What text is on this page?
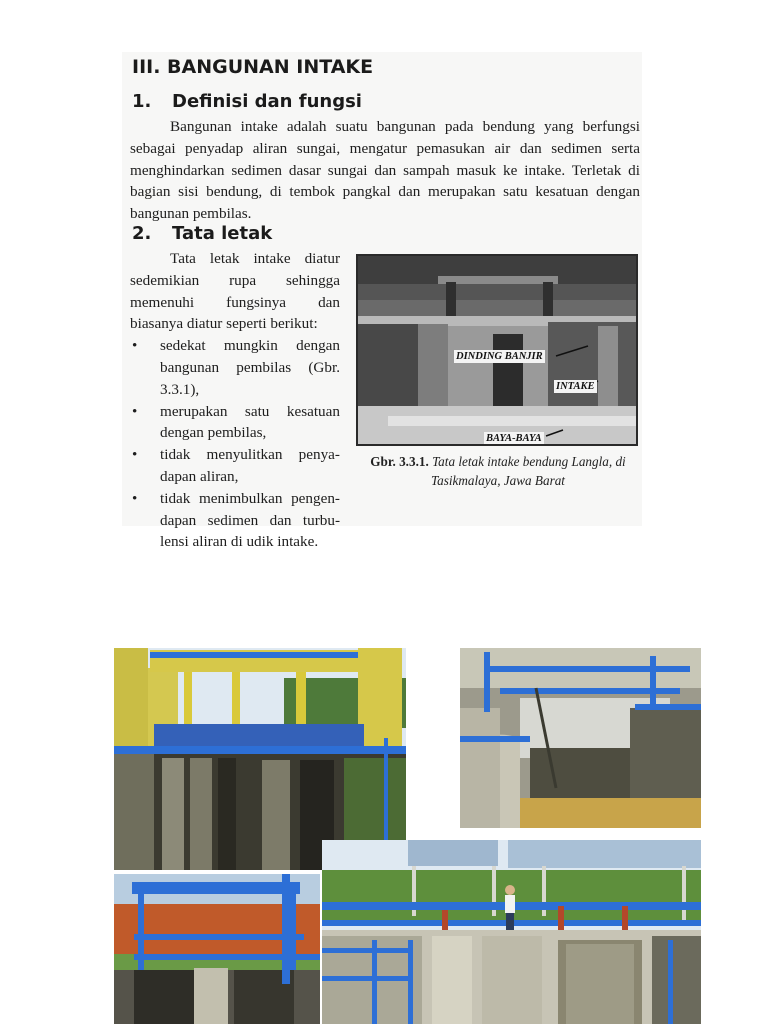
III. BANGUNAN INTAKE
1. Definisi dan fungsi

Bangunan intake adalah suatu bangunan pada bendung yang berfungsi sebagai penyadap aliran sungai, mengatur pemasukan air dan sedimen serta menghindarkan sedimen dasar sungai dan sampah masuk ke intake. Terletak di bagian sisi bendung, di tembok pangkal dan merupakan satu kesatuan dengan bangunan pembilas.

2. Tata letak

Tata letak intake diatur sedemikian rupa sehingga memenuhi fungsinya dan biasanya diatur seperti berikut:

• sedekat mungkin dengan bangunan pembilas (Gbr. 3.3.1),
• merupakan satu kesatuan dengan pembilas,
• tidak menyulitkan penya-dapan aliran,
• tidak menimbulkan pengen-dapan sedimen dan turbu-lensi aliran di udik intake.
DINDING BANJIR
INTAKE
BAYA-BAYA

Gbr. 3.3.1. Tata letak intake bendung Langla, di Tasikmalaya, Jawa Barat
